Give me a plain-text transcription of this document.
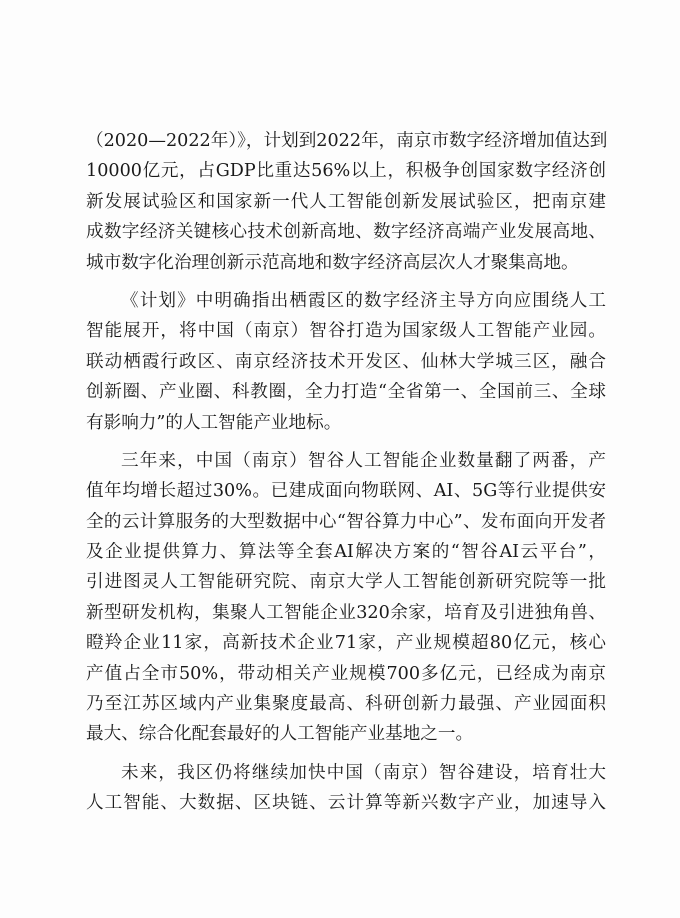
（2020—2022年）》，计划到2022年，南京市数字经济增加值达到
10000亿元，占GDP比重达56%以上，积极争创国家数字经济创
新发展试验区和国家新一代人工智能创新发展试验区，把南京建
成数字经济关键核心技术创新高地、数字经济高端产业发展高地、
城市数字化治理创新示范高地和数字经济高层次人才聚集高地。
《计划》中明确指出栖霞区的数字经济主导方向应围绕人工
智能展开，将中国（南京）智谷打造为国家级人工智能产业园。
联动栖霞行政区、南京经济技术开发区、仙林大学城三区，融合
创新圈、产业圈、科教圈，全力打造“全省第一、全国前三、全球
有影响力”的人工智能产业地标。
三年来，中国（南京）智谷人工智能企业数量翻了两番，产
值年均增长超过30%。已建成面向物联网、AI、5G等行业提供安
全的云计算服务的大型数据中心“智谷算力中心”、发布面向开发者
及企业提供算力、算法等全套AI解决方案的“智谷AI云平台”，
引进图灵人工智能研究院、南京大学人工智能创新研究院等一批
新型研发机构，集聚人工智能企业320余家，培育及引进独角兽、
瞪羚企业11家，高新技术企业71家，产业规模超80亿元，核心
产值占全市50%，带动相关产业规模700多亿元，已经成为南京
乃至江苏区域内产业集聚度最高、科研创新力最强、产业园面积
最大、综合化配套最好的人工智能产业基地之一。
未来，我区仍将继续加快中国（南京）智谷建设，培育壮大
人工智能、大数据、区块链、云计算等新兴数字产业，加速导入
